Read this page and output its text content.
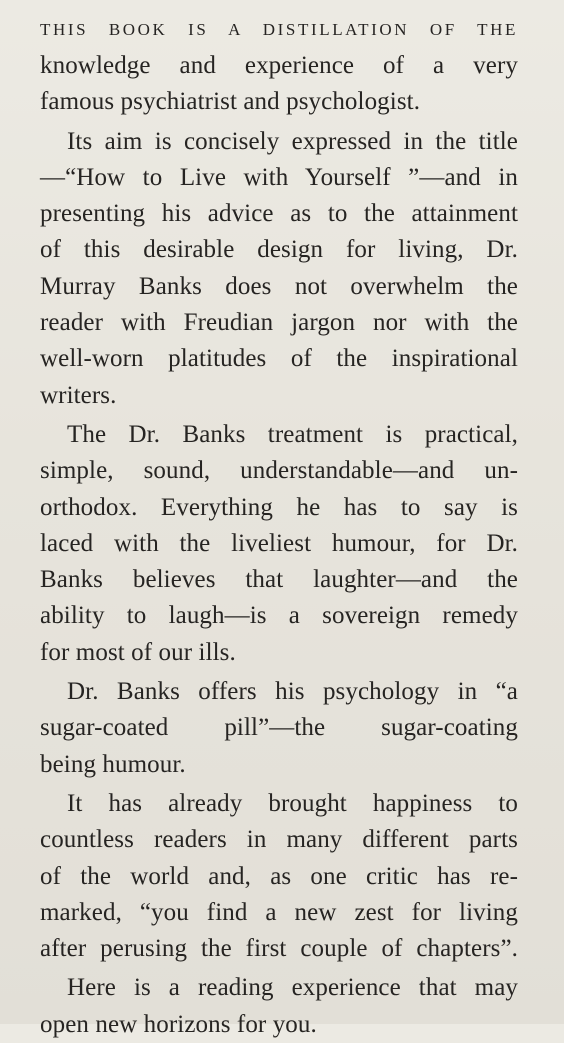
THIS BOOK IS A DISTILLATION OF THE
knowledge and experience of a very
famous psychiatrist and psychologist.
Its aim is concisely expressed in the title
—“How to Live with Yourself ”—and in
presenting his advice as to the attainment
of this desirable design for living, Dr.
Murray Banks does not overwhelm the
reader with Freudian jargon nor with the
well-worn platitudes of the inspirational
writers.
The Dr. Banks treatment is practical,
simple, sound, understandable—and un-
orthodox. Everything he has to say is
laced with the liveliest humour, for Dr.
Banks believes that laughter—and the
ability to laugh—is a sovereign remedy
for most of our ills.
Dr. Banks offers his psychology in “a
sugar-coated pill”—the sugar-coating
being humour.
It has already brought happiness to
countless readers in many different parts
of the world and, as one critic has re-
marked, “you find a new zest for living
after perusing the first couple of chapters”.
Here is a reading experience that may
open new horizons for you.
